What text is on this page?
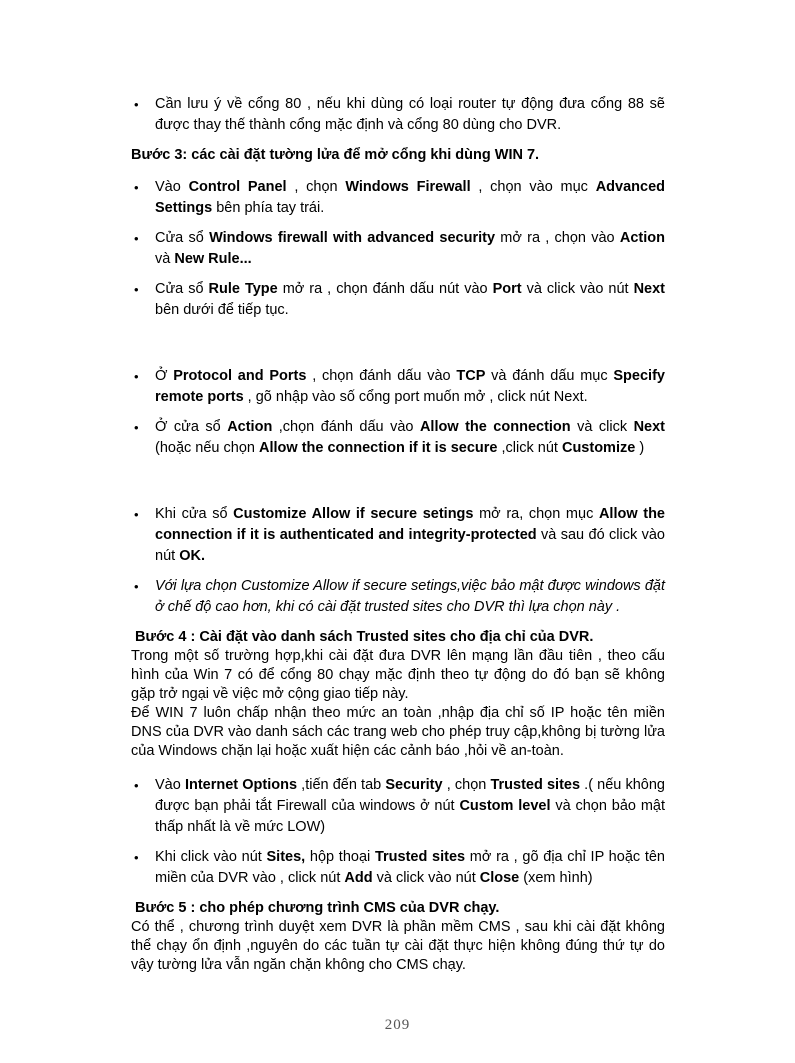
•	Cần lưu ý về cổng 80 , nếu khi dùng có loại router tự động đưa cổng 88 sẽ được thay thế thành cổng mặc định và cổng 80 dùng cho DVR.
Bước 3: các cài đặt tường lửa để mở cổng khi dùng WIN 7.
•	Vào Control Panel , chọn Windows Firewall , chọn vào mục Advanced Settings bên phía tay trái.
•	Cửa sổ Windows firewall with advanced security mở ra , chọn vào Action và New Rule...
•	Cửa sổ Rule Type mở ra , chọn đánh dấu nút vào Port và click vào nút Next bên dưới để tiếp tục.
•	Ở Protocol and Ports , chọn đánh dấu vào TCP và đánh dấu mục Specify remote ports , gõ nhập vào số cổng port muốn mở , click nút Next.
•	Ở cửa sổ Action ,chọn đánh dấu vào Allow the connection và click Next (hoặc nếu chọn Allow the connection if it is secure ,click nút Customize )
•	Khi cửa sổ Customize Allow if secure setings mở ra, chọn mục Allow the connection if it is authenticated and integrity-protected và sau đó click vào nút OK.
•	Với lựa chọn Customize Allow if secure setings,việc bảo mật được windows đặt ở chế độ cao hơn, khi có cài đặt trusted sites cho DVR thì lựa chọn này .
Bước 4 : Cài đặt vào danh sách Trusted sites cho địa chỉ của DVR.
Trong một số trường hợp,khi cài đặt đưa DVR lên mạng lần đầu tiên , theo cấu hình của Win 7 có để cổng 80 chạy mặc định theo tự động do đó bạn sẽ không gặp trở ngại về việc mở cộng giao tiếp này.
Để WIN 7 luôn chấp nhận theo mức an toàn ,nhập địa chỉ số IP hoặc tên miền DNS của DVR vào danh sách các trang web cho phép truy cập,không bị tường lửa của Windows chặn lại hoặc xuất hiện các cảnh báo ,hỏi về an-toàn.
•	Vào Internet Options ,tiến đến tab Security , chọn Trusted sites .( nếu không được bạn phải tắt Firewall của windows ở nút Custom level và chọn bảo mật thấp nhất là về mức LOW)
•	Khi click vào nút Sites, hộp thoại Trusted sites mở ra , gõ địa chỉ IP hoặc tên miền của DVR vào , click nút Add và click vào nút Close (xem hình)
Bước 5 : cho phép chương trình CMS của DVR chạy.
Có thể , chương trình duyệt xem DVR là phần mềm CMS , sau khi cài đặt không thể chạy ổn định ,nguyên do các tuần tự cài đặt thực hiện không đúng thứ tự do vậy tường lửa vẫn ngăn chặn không cho CMS chạy.
209
